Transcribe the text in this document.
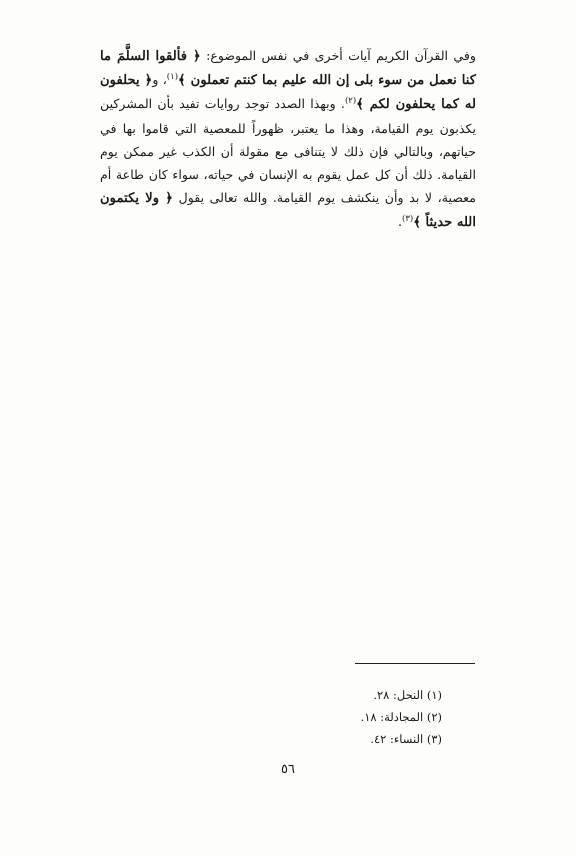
وفي القرآن الكريم آيات أخرى في نفس الموضوع: ﴿ فألقوا السلَّمَ ما كنا نعمل من سوء بلى إن الله عليم بما كنتم تعملون ﴾$^{(١)}$، و﴿ يحلفون له كما يحلفون لكم ﴾$^{(٢)}$. وبهذا الصدد توجد روايات تفيد بأن المشركين يكذبون يوم القيامة، وهذا ما يعتبر، ظهوراً للمعصية التي قاموا بها في حياتهم، وبالتالي فإن ذلك لا يتنافى مع مقولة أن الكذب غير ممكن يوم القيامة. ذلك أن كل عمل يقوم به الإنسان في حياته، سواء كان طاعة أم معصية، لا بد وأن ينكشف يوم القيامة. والله تعالى يقول ﴿ ولا يكتمون الله حديثاً ﴾$^{(٣)}$.

(١) النحل: ٢٨.
(٢) المجادلة: ١٨.
(٣) النساء: ٤٢.
٥٦
